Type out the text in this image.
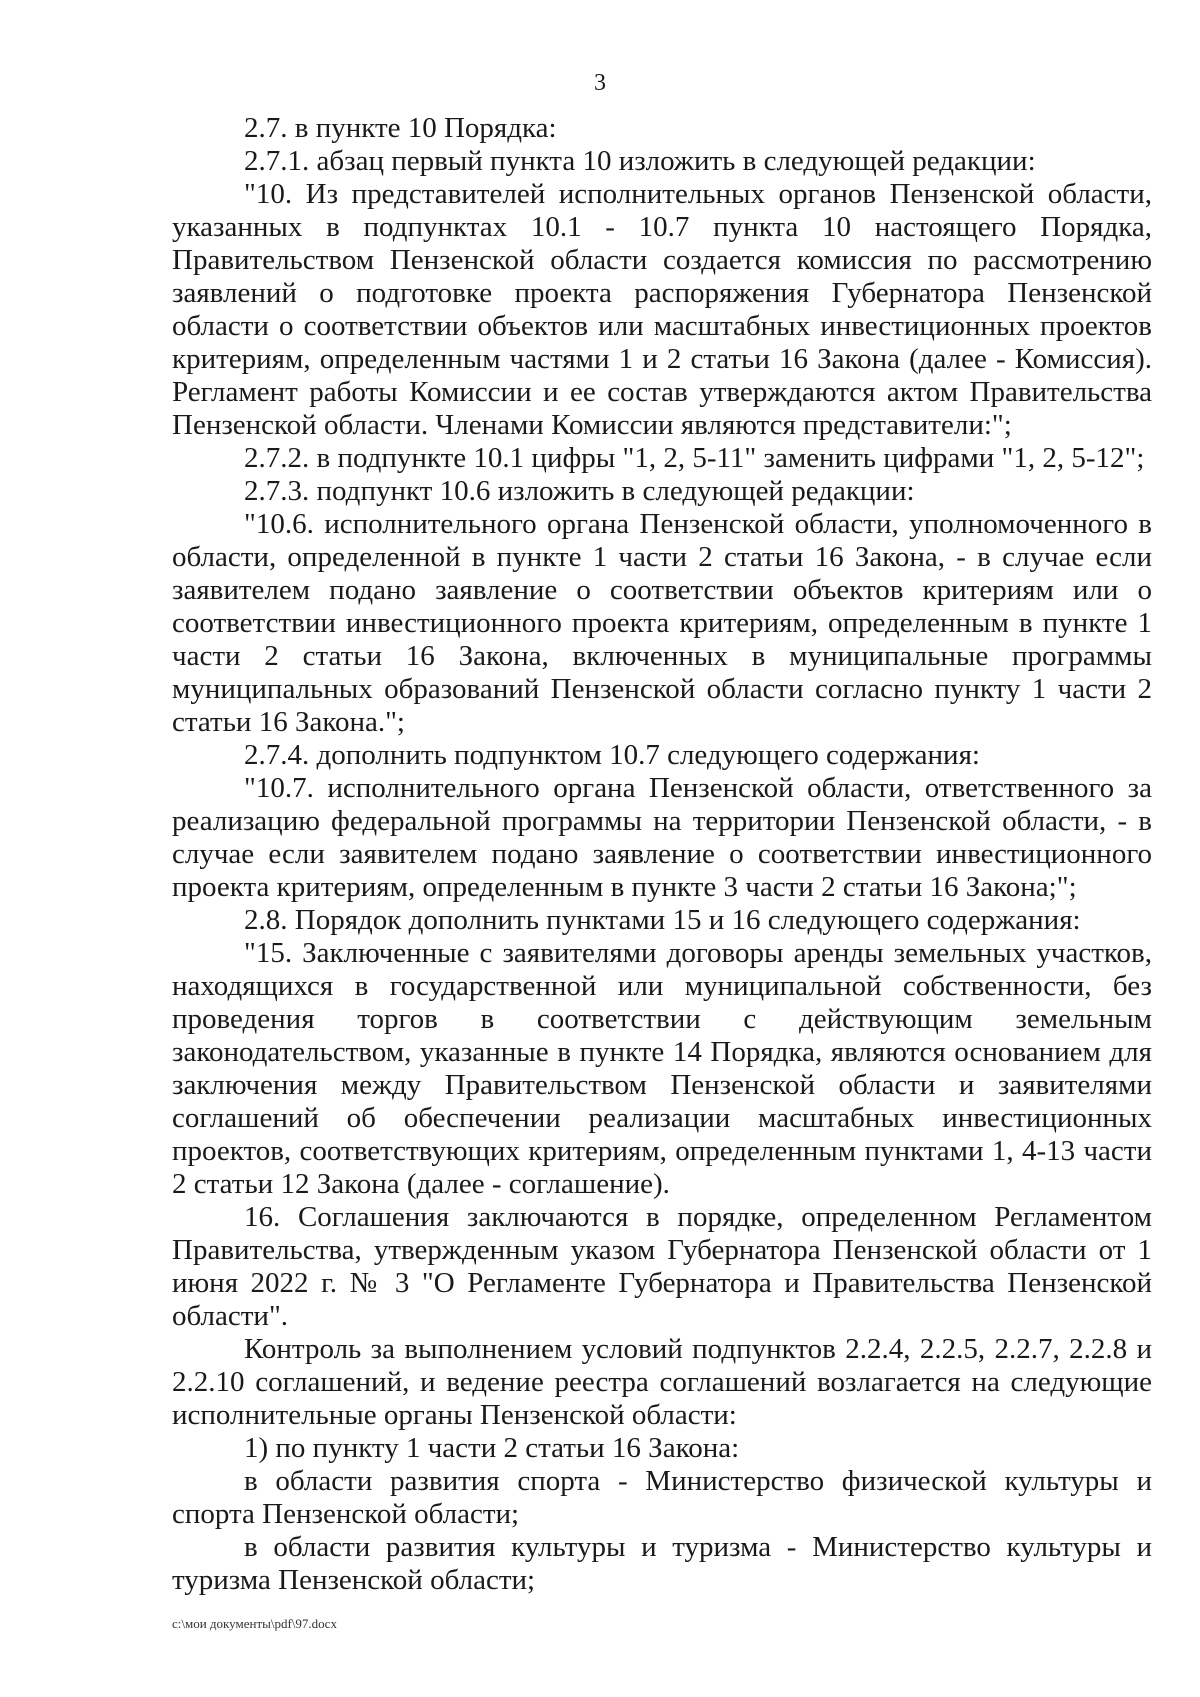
3

2.7. в пункте 10 Порядка:

2.7.1. абзац первый пункта 10 изложить в следующей редакции:

"10. Из представителей исполнительных органов Пензенской области, указанных в подпунктах 10.1 - 10.7 пункта 10 настоящего Порядка, Правительством Пензенской области создается комиссия по рассмотрению заявлений о подготовке проекта распоряжения Губернатора Пензенской области о соответствии объектов или масштабных инвестиционных проектов критериям, определенным частями 1 и 2 статьи 16 Закона (далее - Комиссия). Регламент работы Комиссии и ее состав утверждаются актом Правительства Пензенской области. Членами Комиссии являются представители:";

2.7.2. в подпункте 10.1 цифры "1, 2, 5-11" заменить цифрами "1, 2, 5-12";

2.7.3. подпункт 10.6 изложить в следующей редакции:

"10.6. исполнительного органа Пензенской области, уполномоченного в области, определенной в пункте 1 части 2 статьи 16 Закона, - в случае если заявителем подано заявление о соответствии объектов критериям или о соответствии инвестиционного проекта критериям, определенным в пункте 1 части 2 статьи 16 Закона, включенных в муниципальные программы муниципальных образований Пензенской области согласно пункту 1 части 2 статьи 16 Закона.";

2.7.4. дополнить подпунктом 10.7 следующего содержания:

"10.7. исполнительного органа Пензенской области, ответственного за реализацию федеральной программы на территории Пензенской области, - в случае если заявителем подано заявление о соответствии инвестиционного проекта критериям, определенным в пункте 3 части 2 статьи 16 Закона;";

2.8. Порядок дополнить пунктами 15 и 16 следующего содержания:

"15. Заключенные с заявителями договоры аренды земельных участков, находящихся в государственной или муниципальной собственности, без проведения торгов в соответствии с действующим земельным законодательством, указанные в пункте 14 Порядка, являются основанием для заключения между Правительством Пензенской области и заявителями соглашений об обеспечении реализации масштабных инвестиционных проектов, соответствующих критериям, определенным пунктами 1, 4-13 части 2 статьи 12 Закона (далее - соглашение).

16. Соглашения заключаются в порядке, определенном Регламентом Правительства, утвержденным указом Губернатора Пензенской области от 1 июня 2022 г. № 3 "О Регламенте Губернатора и Правительства Пензенской области".

Контроль за выполнением условий подпунктов 2.2.4, 2.2.5, 2.2.7, 2.2.8 и 2.2.10 соглашений, и ведение реестра соглашений возлагается на следующие исполнительные органы Пензенской области:

1) по пункту 1 части 2 статьи 16 Закона:

в области развития спорта - Министерство физической культуры и спорта Пензенской области;

в области развития культуры и туризма - Министерство культуры и туризма Пензенской области;

c:\мои документы\pdf\97.docx
